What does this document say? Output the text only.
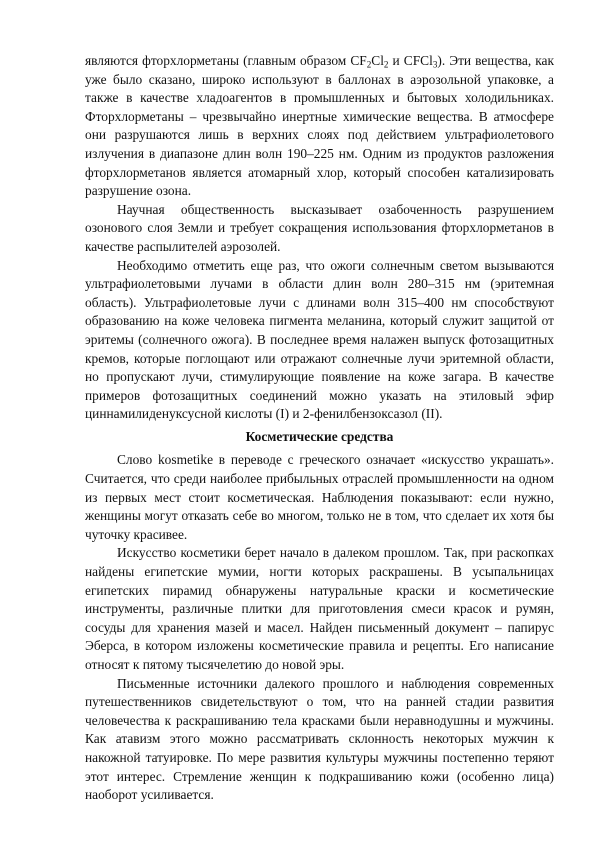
являются фторхлорметаны (главным образом $CF_2Cl_2$ и CFCl$_3$). Эти вещества, как уже было сказано, широко используют в баллонах в аэрозольной упаковке, а также в качестве хладоагентов в промышленных и бытовых холодильниках. Фторхлорметаны – чрезвычайно инертные химические вещества. В атмосфере они разрушаются лишь в верхних слоях под действием ультрафиолетового излучения в диапазоне длин волн 190–225 нм. Одним из продуктов разложения фторхлорметанов является атомарный хлор, который способен катализировать разрушение озона.

Научная общественность высказывает озабоченность разрушением озонового слоя Земли и требует сокращения использования фторхлорметанов в качестве распылителей аэрозолей.

Необходимо отметить еще раз, что ожоги солнечным светом вызываются ультрафиолетовыми лучами в области длин волн 280–315 нм (эритемная область). Ультрафиолетовые лучи с длинами волн 315–400 нм способствуют образованию на коже человека пигмента меланина, который служит защитой от эритемы (солнечного ожога). В последнее время налажен выпуск фотозащитных кремов, которые поглощают или отражают солнечные лучи эритемной области, но пропускают лучи, стимулирующие появление на коже загара. В качестве примеров фотозащитных соединений можно указать на этиловый эфир циннамилиденуксусной кислоты (I) и 2-фенилбензоксазол (II).

Косметические средства

Слово kosmetike в переводе с греческого означает «искусство украшать». Считается, что среди наиболее прибыльных отраслей промышленности на одном из первых мест стоит косметическая. Наблюдения показывают: если нужно, женщины могут отказать себе во многом, только не в том, что сделает их хотя бы чуточку красивее.

Искусство косметики берет начало в далеком прошлом. Так, при раскопках найдены египетские мумии, ногти которых раскрашены. В усыпальницах египетских пирамид обнаружены натуральные краски и косметические инструменты, различные плитки для приготовления смеси красок и румян, сосуды для хранения мазей и масел. Найден письменный документ – папирус Эберса, в котором изложены косметические правила и рецепты. Его написание относят к пятому тысячелетию до новой эры.

Письменные источники далекого прошлого и наблюдения современных путешественников свидетельствуют о том, что на ранней стадии развития человечества к раскрашиванию тела красками были неравнодушны и мужчины. Как атавизм этого можно рассматривать склонность некоторых мужчин к накожной татуировке. По мере развития культуры мужчины постепенно теряют этот интерес. Стремление женщин к подкрашиванию кожи (особенно лица) наоборот усиливается.
